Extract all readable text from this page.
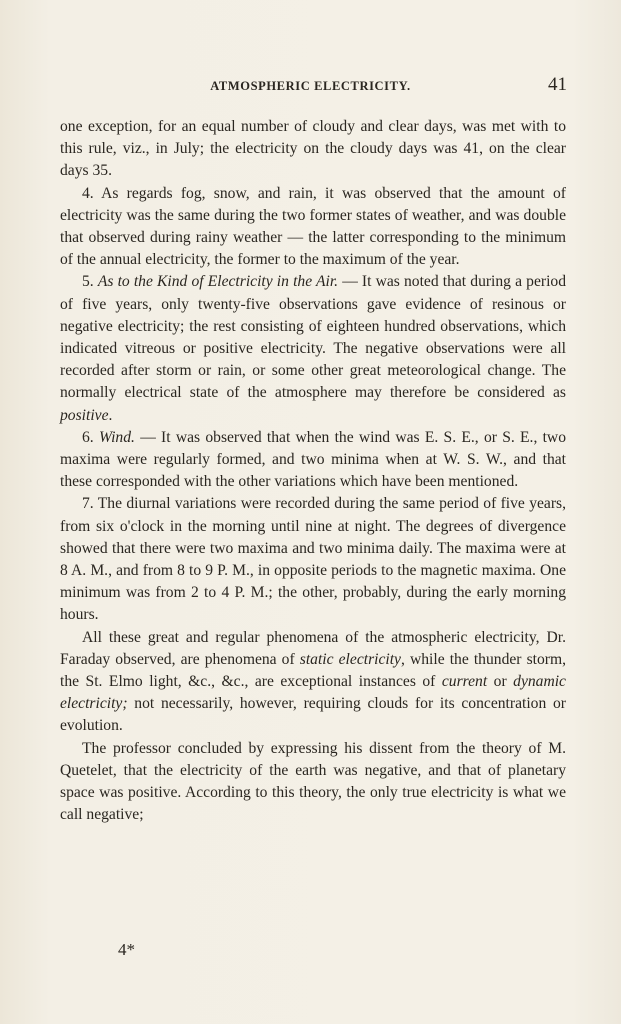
ATMOSPHERIC ELECTRICITY.	41

one exception, for an equal number of cloudy and clear days, was met with to this rule, viz., in July; the electricity on the cloudy days was 41, on the clear days 35.

4. As regards fog, snow, and rain, it was observed that the amount of electricity was the same during the two former states of weather, and was double that observed during rainy weather — the latter corresponding to the minimum of the annual electricity, the former to the maximum of the year.

5. As to the Kind of Electricity in the Air. — It was noted that during a period of five years, only twenty-five observations gave evidence of resinous or negative electricity; the rest consisting of eighteen hundred observations, which indicated vitreous or positive electricity. The negative observations were all recorded after storm or rain, or some other great meteorological change. The normally electrical state of the atmosphere may therefore be considered as positive.

6. Wind. — It was observed that when the wind was E. S. E., or S. E., two maxima were regularly formed, and two minima when at W. S. W., and that these corresponded with the other variations which have been mentioned.

7. The diurnal variations were recorded during the same period of five years, from six o'clock in the morning until nine at night. The degrees of divergence showed that there were two maxima and two minima daily. The maxima were at 8 A. M., and from 8 to 9 P. M., in opposite periods to the magnetic maxima. One minimum was from 2 to 4 P. M.; the other, probably, during the early morning hours.

All these great and regular phenomena of the atmospheric electricity, Dr. Faraday observed, are phenomena of static electricity, while the thunder storm, the St. Elmo light, &c., &c., are exceptional instances of current or dynamic electricity; not necessarily, however, requiring clouds for its concentration or evolution.

The professor concluded by expressing his dissent from the theory of M. Quetelet, that the electricity of the earth was negative, and that of planetary space was positive. According to this theory, the only true electricity is what we call negative;

4*
